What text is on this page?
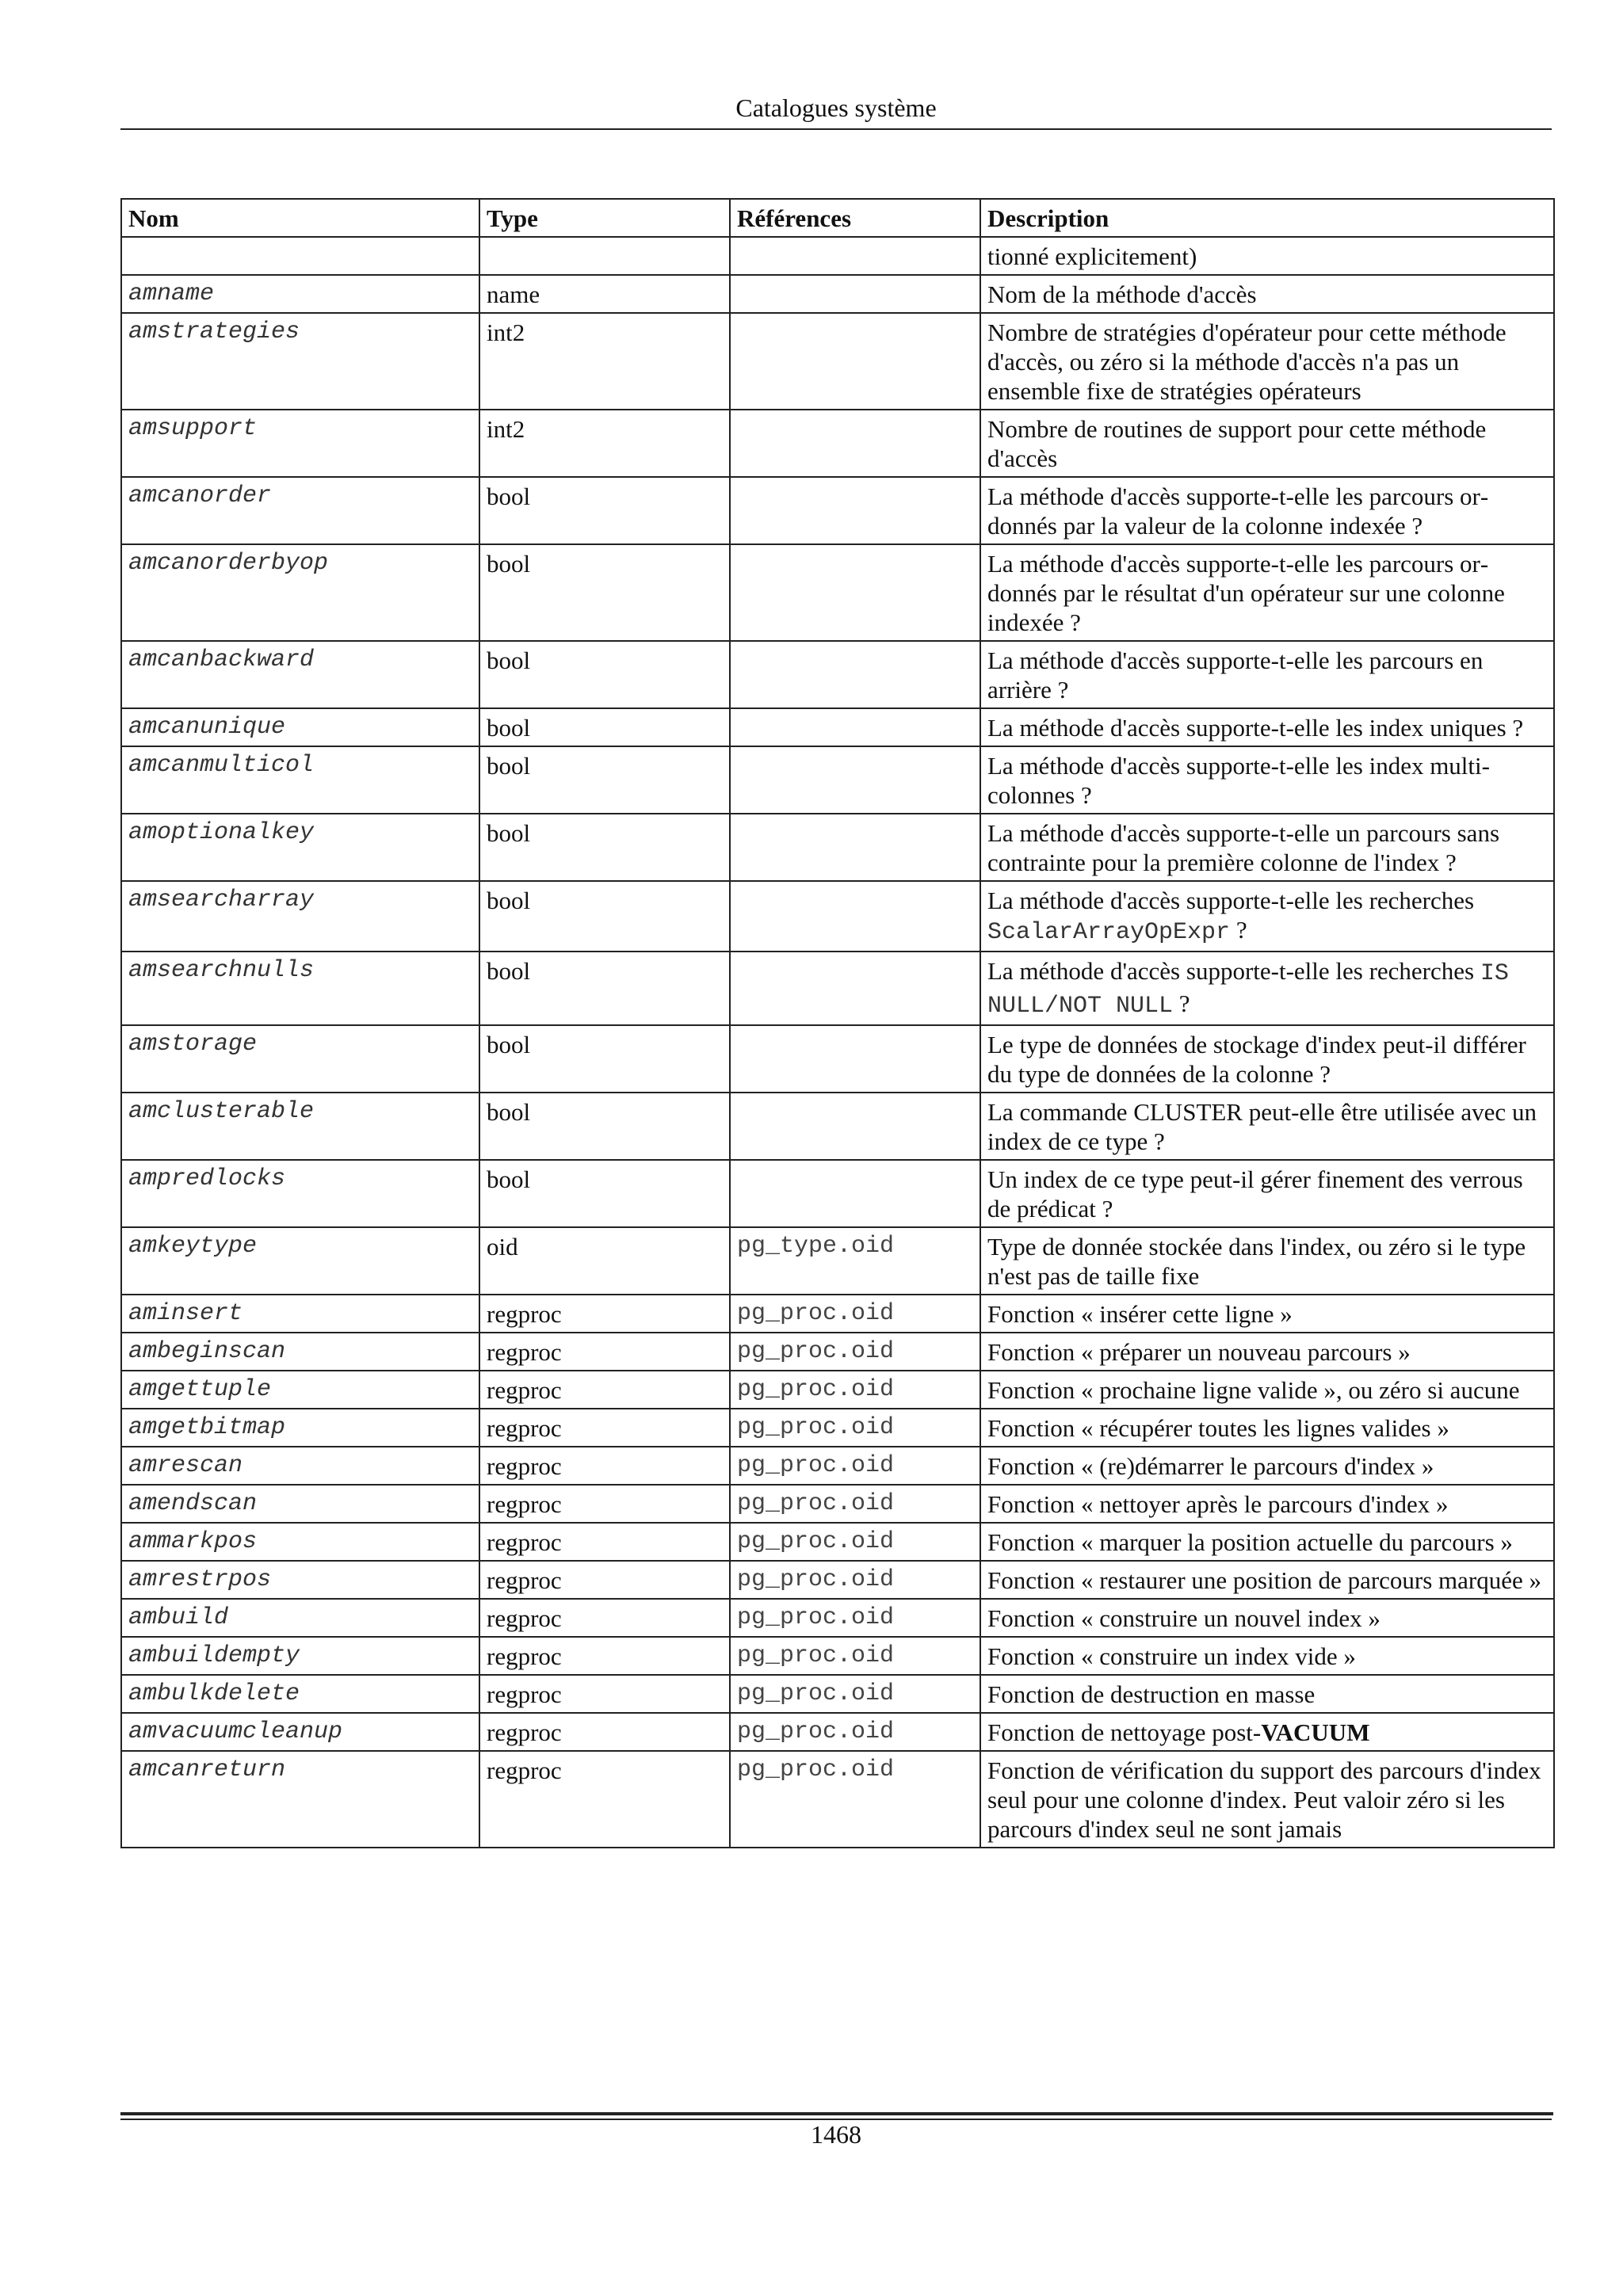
Catalogues système
Nom	Type	Références	Description
			tionné explicitement)
amname	name		Nom de la méthode d'accès
amstrategies	int2		Nombre de stratégies d'opérateur pour cette méthode d'accès, ou zéro si la méthode d'accès n'a pas un ensemble fixe de stratégies opérateurs
amsupport	int2		Nombre de routines de support pour cette méthode d'accès
amcanorder	bool		La méthode d'accès supporte-t-elle les parcours ordonnés par la valeur de la colonne indexée ?
amcanorderbyop	bool		La méthode d'accès supporte-t-elle les parcours ordonnés par le résultat d'un opérateur sur une colonne indexée ?
amcanbackward	bool		La méthode d'accès supporte-t-elle les parcours en arrière ?
amcanunique	bool		La méthode d'accès supporte-t-elle les index uniques ?
amcanmulticol	bool		La méthode d'accès supporte-t-elle les index multicolonnes ?
amoptionalkey	bool		La méthode d'accès supporte-t-elle un parcours sans contrainte pour la première colonne de l'index ?
amsearcharray	bool		La méthode d'accès supporte-t-elle les recherches ScalarArrayOpExpr ?
amsearchnulls	bool		La méthode d'accès supporte-t-elle les recherches IS NULL/NOT NULL ?
amstorage	bool		Le type de données de stockage d'index peut-il différer du type de données de la colonne ?
amclusterable	bool		La commande CLUSTER peut-elle être utilisée avec un index de ce type ?
ampredlocks	bool		Un index de ce type peut-il gérer finement des verrous de prédicat ?
amkeytype	oid	pg_type.oid	Type de donnée stockée dans l'index, ou zéro si le type n'est pas de taille fixe
aminsert	regproc	pg_proc.oid	Fonction « insérer cette ligne »
ambeginscan	regproc	pg_proc.oid	Fonction « préparer un nouveau parcours »
amgettuple	regproc	pg_proc.oid	Fonction « prochaine ligne valide », ou zéro si aucune
amgetbitmap	regproc	pg_proc.oid	Fonction « récupérer toutes les lignes valides »
amrescan	regproc	pg_proc.oid	Fonction « (re)démarrer le parcours d'index »
amendscan	regproc	pg_proc.oid	Fonction « nettoyer après le parcours d'index »
ammarkpos	regproc	pg_proc.oid	Fonction « marquer la position actuelle du parcours »
amrestrpos	regproc	pg_proc.oid	Fonction « restaurer une position de parcours marquée »
ambuild	regproc	pg_proc.oid	Fonction « construire un nouvel index »
ambuildempty	regproc	pg_proc.oid	Fonction « construire un index vide »
ambulkdelete	regproc	pg_proc.oid	Fonction de destruction en masse
amvacuumcleanup	regproc	pg_proc.oid	Fonction de nettoyage post-VACUUM
amcanreturn	regproc	pg_proc.oid	Fonction de vérification du support des parcours d'index seul pour une colonne d'index. Peut valoir zéro si les parcours d'index seul ne sont jamais
1468
